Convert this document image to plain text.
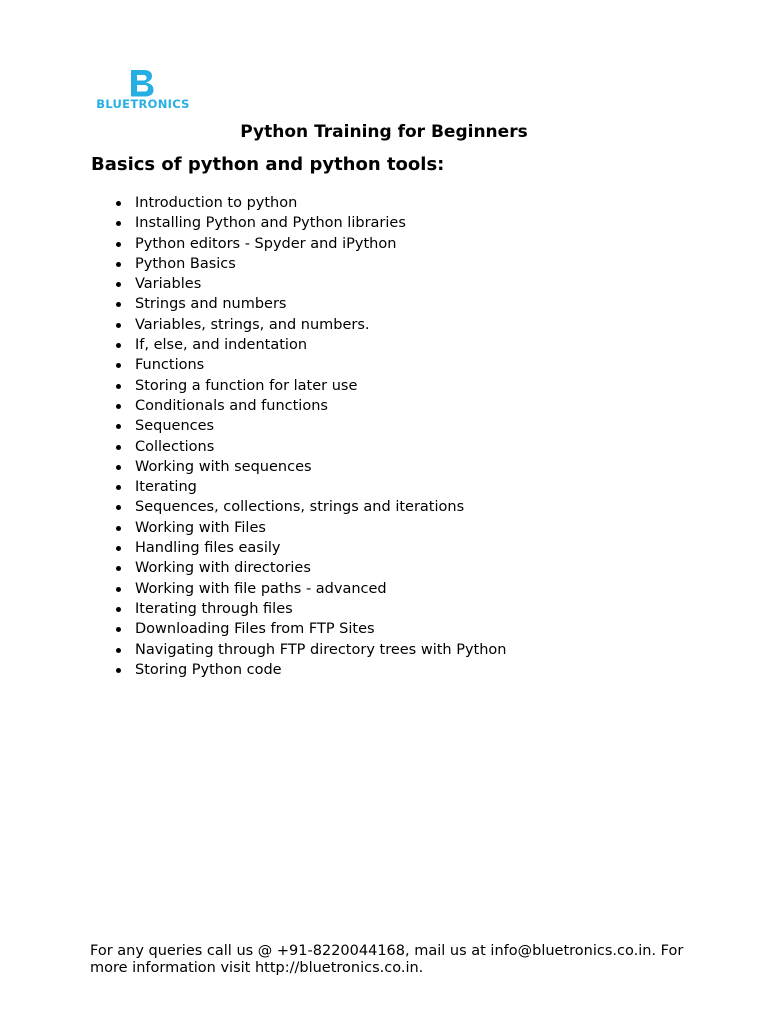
BLUETRONICS
Python Training for Beginners
Basics of python and python tools:
Introduction to python
Installing Python and Python libraries
Python editors - Spyder and iPython
Python Basics
Variables
Strings and numbers
Variables, strings, and numbers.
If, else, and indentation
Functions
Storing a function for later use
Conditionals and functions
Sequences
Collections
Working with sequences
Iterating
Sequences, collections, strings and iterations
Working with Files
Handling files easily
Working with directories
Working with file paths - advanced
Iterating through files
Downloading Files from FTP Sites
Navigating through FTP directory trees with Python
Storing Python code

For any queries call us @ +91-8220044168, mail us at info@bluetronics.co.in. For more information visit http://bluetronics.co.in.
